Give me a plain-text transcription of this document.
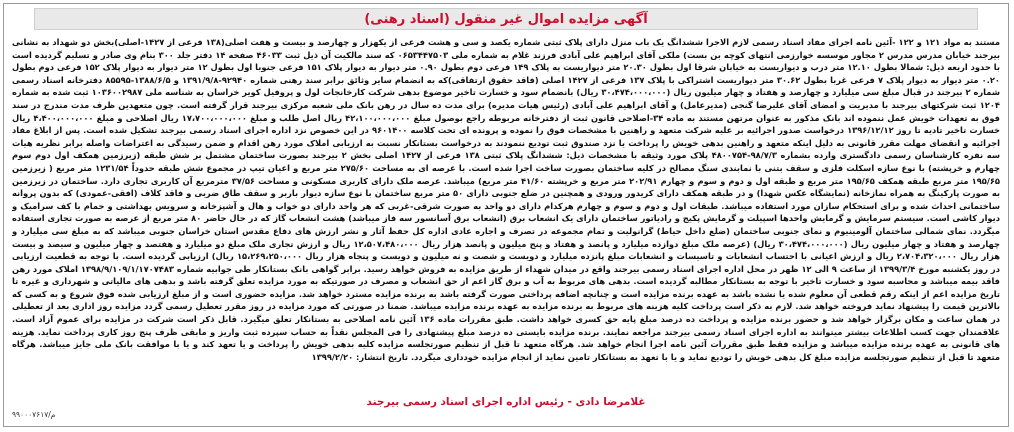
آگهی مزایده اموال غیر منقول (اسناد رهنی)
مستند به مواد ۱۲۱ و ۱۲۲ -آئین نامه اجرای مفاد اسناد رسمی لازم الاجرا ششدانگ یک باب منزل دارای پلاک ثبتی شماره یکصد و سی و هشت فرعی از یکهزار و چهارصد و بیست و هفت اصلی(۱۳۸ فرعی از ۱۴۲۷-اصلی)بخش دو شهداد به نشانی بیرجند خیابان مدرس مدرس ۲ مجاور موسسه خوارزمی انتهای کوچه بن بست) ملکی آقای ابراهیم علی آبادی فرزند غلام به شماره ملی ۰۶۵۳۴۴۷۵۰۳ که سند مالکیت آن ذیل ثبت ۴۶۰۳۳ صفحه ۱۴ دفتر جلد ۳۰۰ بنام وی صادر و تسلیم گردیده است با حدود اربعه ذیل: شمالا بطول ۱۲.۱۰ متر درب و دیواریست به خیابان شرقا اول بطول ۲۰.۳۰ متر دیواریست به پلاک ۱۴۹ فرعی دوم بطول ۰.۹۰ متر دیوار به دیوار پلاک ۱۵۱ فرعی جنوبا اول بطول ۱۲ متر دیوار به دیوار پلاک ۱۵۲ فرعی دوم بطول ۰.۲۰ متر دیوار به دیوار پلاک ۷ فرعی غربا بطول ۳۰.۶۲ متر دیواریست اشتراکی با پلاک ۱۳۷ فرعی از ۱۴۲۷ اصلی (فاقد حقوق ارتفاقی)که به انضمام سایر وثائق برابر سند رهنی شماره ۹۲۹۴۰-۱۳۹۱/۹/۸ و ۱۳۸۸/۶/۵-۸۵۵۹۵ دفترخانه اسناد رسمی شماره ۲ بیرجند در قبال مبلغ سی میلیارد و چهارصد و هفتاد و چهار میلیون ریال (۳۰،۴۷۴،۰۰۰،۰۰۰ ریال) بانضمام سود و خسارت تاخیر موضوع بدهی شرکت کارخانجات لول و پروفیل کویر خراسان به شناسه ملی ۱۰۳۶۰۰۲۹۸۷ ثبت شده به شماره ۱۲۰۴ ثبت شرکتهای بیرجند با مدیریت و امضای آقای علیرضا گنجی (مدیرعامل) و آقای ابراهیم علی آبادی (رئیس هیات مدیره) برای مدت ده سال در رهن بانک ملی شعبه مرکزی بیرجند قرار گرفته است. چون متعهدین ظرف مدت مندرج در سند فوق به تعهدات خویش عمل ننموده اند بانک مذکور به عنوان مرتهن مستند به ماده ۳۴-اصلاحی قانون ثبت از دفترخانه مربوطه راجع بوصول مبلغ ۴۲،۱۰۰،۰۰۰،۰۰۰ ریال اصل طلب و مبلغ ۱۷،۷۰۰،۰۰۰،۰۰۰ ریال اصلاحی و مبلغ ۴،۴۰۰،۰۰۰،۰۰۰ ریال خسارت تاخیر تادیه تا روز ۱۳۹۶/۱۲/۱۲ درخواست صدور اجرائیه بر علیه شرکت متعهد و راهنین با مشخصات فوق را نموده و پرونده ای تحت کلاسه ۹۶۰۱۴۰۰ در این خصوص نزد اداره اجرای اسناد رسمی بیرجند تشکیل شده است. پس از ابلاغ مفاد اجرائیه و انقضای مهلت مقرر قانونی به دلیل اینکه متعهد و راهنین بدهی خویش را پرداخت یا نزد صندوق ثبت تودیع ننمودند به درخواست بستانکار نسبت به ارزیابی املاک مورد رهن اقدام و ضمن رسیدگی به اعتراضات واصله برابر نظریه هیات سه نفره کارشناسان رسمی دادگستری وارده بشماره ۹۸/۷/۳-۴۸۰۰۷۵۴ پلاک مورد وثیقه با مشخصات ذیل: ششدانگ پلاک ثبتی ۱۳۸ فرعی از ۱۴۲۷ اصلی بخش ۲ بیرجند بصورت ساختمان مشتمل بر شش طبقه (زیرزمین همکف اول دوم سوم چهارم و خرپشته) با نوع سازه اسکلت فلزی و سقف بتنی با نمابندی سنگ مصالح در کلیه ساختمان بصورت ساخت اجرا شده است. با عرصه ای به مساحت ۲۷۵/۶۰ متر مربع و اعیان تیپ در مجموع شش طبقه حدوداً ۱۲۳۱/۵۴ متر مربع ( زیرزمین ۱۹۵/۶۵ متر مربع طبقه همکف ۱۹۵/۶۵ متر مربع و طبقه اول و دوم و سوم و چهارم ۲۰۲/۹۱ متر مربع و خرپشته ۴۱/۶۰ متر مربع) میباشد. عرصه ملک دارای کاربری مسکونی و مساحت ۳۷/۵۶ مترمربع آن کاربری تجاری دارد. ساختمان در زیرزمین به صورت پارکینگ به همراه نمازخانه (نمایشگاه عکس شهدا) و در طبقه همکف دارای کریدور ورودی و همچنین در ضلع جنوبی دارای ۵۰ متر مربع ساختمان با نوع سازه دیوار باربر و سقف طاق ضربی و فاقد کلاف (افقی-عمودی) که بدون پروانه ساختمانی احداث شده و برای استحکام سازان مورد استفاده میباشد. طبقات اول و دوم و سوم و چهارم هرکدام دارای دو واحد به صورت شرقی-غربی که هر واحد دارای دو خواب و هال و آشپزخانه و سرویس بهداشتی و حمام با کف سرامیک و دیوار کاشی است. سیستم سرمایش و گرمایش واحدها اسپیلت و گرمایش پکیج و رادیاتور ساختمان دارای یک انشعاب برق (انشعاب برق آسانسور سه فاز میباشد) هشت انشعاب گاز که در حال حاضر ۸۰ متر مربع از عرصه به صورت تجاری استفاده میگردد. نمای شمالی ساختمان آلومینیوم و نمای جنوبی ساختمان (ضلع داخل حیاط) گرانولیت و تمام مجموعه در تصرف و اجاره عادی اداره کل حفظ آثار و نشر ارزش های دفاع مقدس استان خراسان جنوبی میباشد که به مبلغ سی میلیارد و چهارصد و هفتاد و چهار میلیون ریال (۳۰،۴۷۴،۰۰۰،۰۰۰ ریال) (عرصه ملک مبلغ دوازده میلیارد و پانصد و هفتاد و پنج میلیون و پانصد هزار ریال ۱۲،۵۰۷،۴۸۰،۰۰۰ ریال و ارزش تجاری ملک مبلغ دو میلیارد و هفتصد و چهار میلیون و سیصد و بیست هزار ریال ۲،۷۰۴،۳۲۰،۰۰۰ ریال و ارزش اعیانی با احتساب انشعابات و تاسیسات و انشعابات مبلغ پانزده میلیارد و دویست و شصت و نه میلیون و دویست و پنجاه هزار ریال ۱۵،۲۶۹،۲۵۰،۰۰۰ ریال) ارزیابی گردیده است. با توجه به قطعیت ارزیابی در روز یکشنبه مورخ ۱۳۹۹/۳/۴ از ساعت ۹ الی ۱۲ ظهر در محل اداره اجرای اسناد رسمی بیرجند واقع در میدان شهداء از طریق مزایده به فروش خواهد رسید. برابر گواهی بانک بستانکار طی جوابیه شماره ۱۳۹۸/۹/۱۰۹/۱/۱۷۰۷۴۸۳ املاک مورد رهن فاقد بیمه میباشد و محاسبه سود و خسارت تاخیر با توجه به بستانکار مطالبه گردیده است. بدهی های مربوط به آب و برق گاز اعم از حق انشعاب و مصرف در صورتیکه به مورد مزایده تعلق گرفته باشد و بدهی های مالیاتی و شهرداری و غیره تا تاریخ مزایده اعم از اینکه رقم قطعی آن معلوم شده یا نشده باشد به عهده برنده مزایده است و چنانچه اضافه پرداختی صورت گرفته باشد به برنده مزایده مسترد خواهد شد. مزایده حضوری است و از مبلغ ارزیابی شده فوق شروع و به کسی که بالاترین قیمت را پیشنهاد نماید فروخته خواهد شد. لازم به ذکر است پرداخت کلیه هزینه های مربوط به برنده مزایده به عهده برنده مزایده میباشد. ضمنا در صورتی که مورد مزایده در روز مقرر تعطیل رسمی گردد مزایده روز اداری بعد از تعطیلی در همان ساعت و مکان برگزار خواهد شد و حضور برنده مزایده و پرداخت ده درصد مبلغ پایه حق کسری خواهد داشت. طبق مقررات ماده ۱۳۶ آئین نامه اصلاحی به بستانکار تعلق میگیرد. قابل ذکر است شرکت در مزایده برای عموم آزاد است. علاقمندان جهت کسب اطلاعات بیشتر میتوانند به اداره اجرای اسناد رسمی بیرجند مراجعه نمایند. برنده مزایده بایستی ده درصد مبلغ پیشنهادی را فی المجلس نقداً به حساب سپرده ثبت واریز و مابقی ظرف پنج روز کاری پرداخت نماید. هزینه های قانونی به عهده برنده مزایده میباشد و مزایده فقط طبق مقررات آئین نامه اجرا انجام خواهد شد. هرگاه متعهد تا قبل از تنظیم صورتجلسه مزایده کلیه بدهی خویش را پرداخت و یا تعهد کند و یا با موافقت بانک ملی جایز میباشد. هرگاه متعهد تا قبل از تنظیم صورتجلسه مزایده مبلغ کل بدهی خویش را تودیع نماید و یا با تعهد به بستانکار تامین نماید از انجام مزایده خودداری میگردد. تاریخ انتشار: ۱۳۹۹/۲/۲۰
غلامرضا دادی - رئیس اداره اجرای اسناد رسمی بیرجند
م/۹۹۰۰۰۷۶۱۷
